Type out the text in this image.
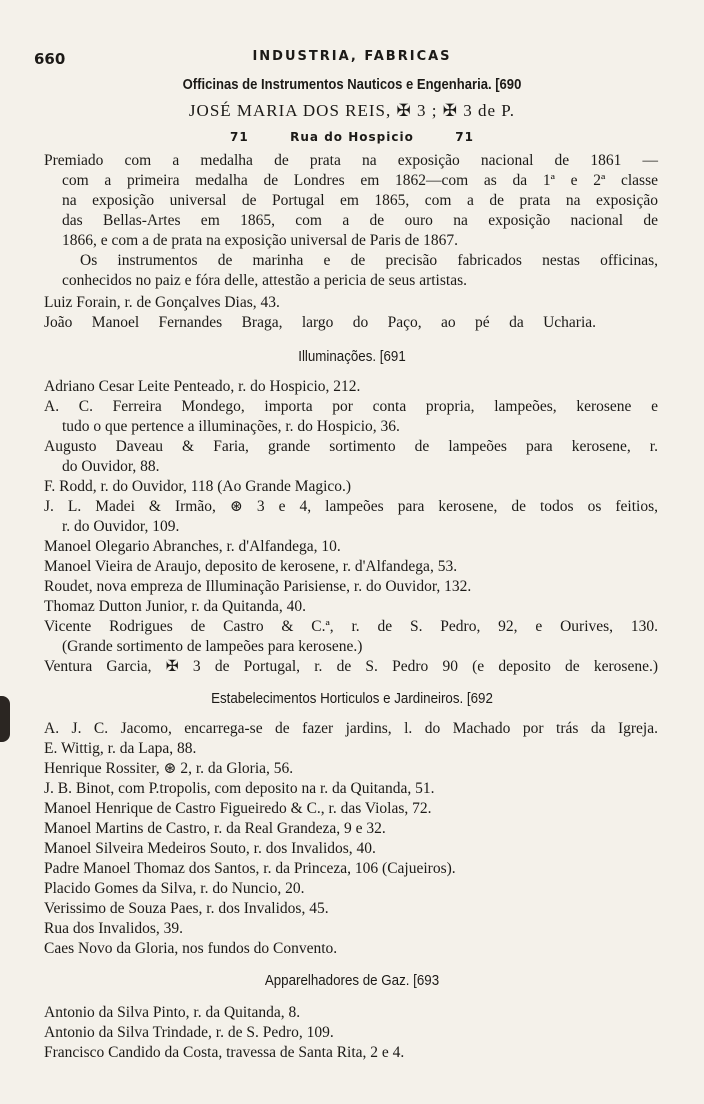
660	INDUSTRIA, FABRICAS
Officinas de Instrumentos Nauticos e Engenharia. [690
JOSÉ MARIA DOS REIS, ✠ 3 ; ✠ 3 de P.
71        Rua do Hospicio        71
Premiado com a medalha de prata na exposição nacional de 1861 —
com a primeira medalha de Londres em 1862—com as da 1ª e 2ª classe
na exposição universal de Portugal em 1865, com a de prata na exposição
das Bellas-Artes em 1865, com a de ouro na exposição nacional de
1866, e com a de prata na exposição universal de Paris de 1867.
Os instrumentos de marinha e de precisão fabricados nestas officinas,
conhecidos no paiz e fóra delle, attestão a pericia de seus artistas.
Luiz Forain, r. de Gonçalves Dias, 43.
João Manoel Fernandes Braga, largo do Paço, ao pé da Ucharia.
Illuminações. [691
Adriano Cesar Leite Penteado, r. do Hospicio, 212.
A. C. Ferreira Mondego, importa por conta propria, lampeões, kerosene e
tudo o que pertence a illuminações, r. do Hospicio, 36.
Augusto Daveau & Faria, grande sortimento de lampeões para kerosene, r.
do Ouvidor, 88.
F. Rodd, r. do Ouvidor, 118 (Ao Grande Magico.)
J. L. Madei & Irmão, ⊛ 3 e 4, lampeões para kerosene, de todos os feitios,
r. do Ouvidor, 109.
Manoel Olegario Abranches, r. d'Alfandega, 10.
Manoel Vieira de Araujo, deposito de kerosene, r. d'Alfandega, 53.
Roudet, nova empreza de Illuminação Parisiense, r. do Ouvidor, 132.
Thomaz Dutton Junior, r. da Quitanda, 40.
Vicente Rodrigues de Castro & C.ª, r. de S. Pedro, 92, e Ourives, 130.
(Grande sortimento de lampeões para kerosene.)
Ventura Garcia, ✠ 3 de Portugal, r. de S. Pedro 90 (e deposito de kerosene.)
Estabelecimentos Horticulos e Jardineiros. [692
A. J. C. Jacomo, encarrega-se de fazer jardins, l. do Machado por trás da Igreja.
E. Wittig, r. da Lapa, 88.
Henrique Rossiter, ⊛ 2, r. da Gloria, 56.
J. B. Binot, com P.tropolis, com deposito na r. da Quitanda, 51.
Manoel Henrique de Castro Figueiredo & C., r. das Violas, 72.
Manoel Martins de Castro, r. da Real Grandeza, 9 e 32.
Manoel Silveira Medeiros Souto, r. dos Invalidos, 40.
Padre Manoel Thomaz dos Santos, r. da Princeza, 106 (Cajueiros).
Placido Gomes da Silva, r. do Nuncio, 20.
Verissimo de Souza Paes, r. dos Invalidos, 45.
Rua dos Invalidos, 39.
Caes Novo da Gloria, nos fundos do Convento.
Apparelhadores de Gaz. [693
Antonio da Silva Pinto, r. da Quitanda, 8.
Antonio da Silva Trindade, r. de S. Pedro, 109.
Francisco Candido da Costa, travessa de Santa Rita, 2 e 4.
